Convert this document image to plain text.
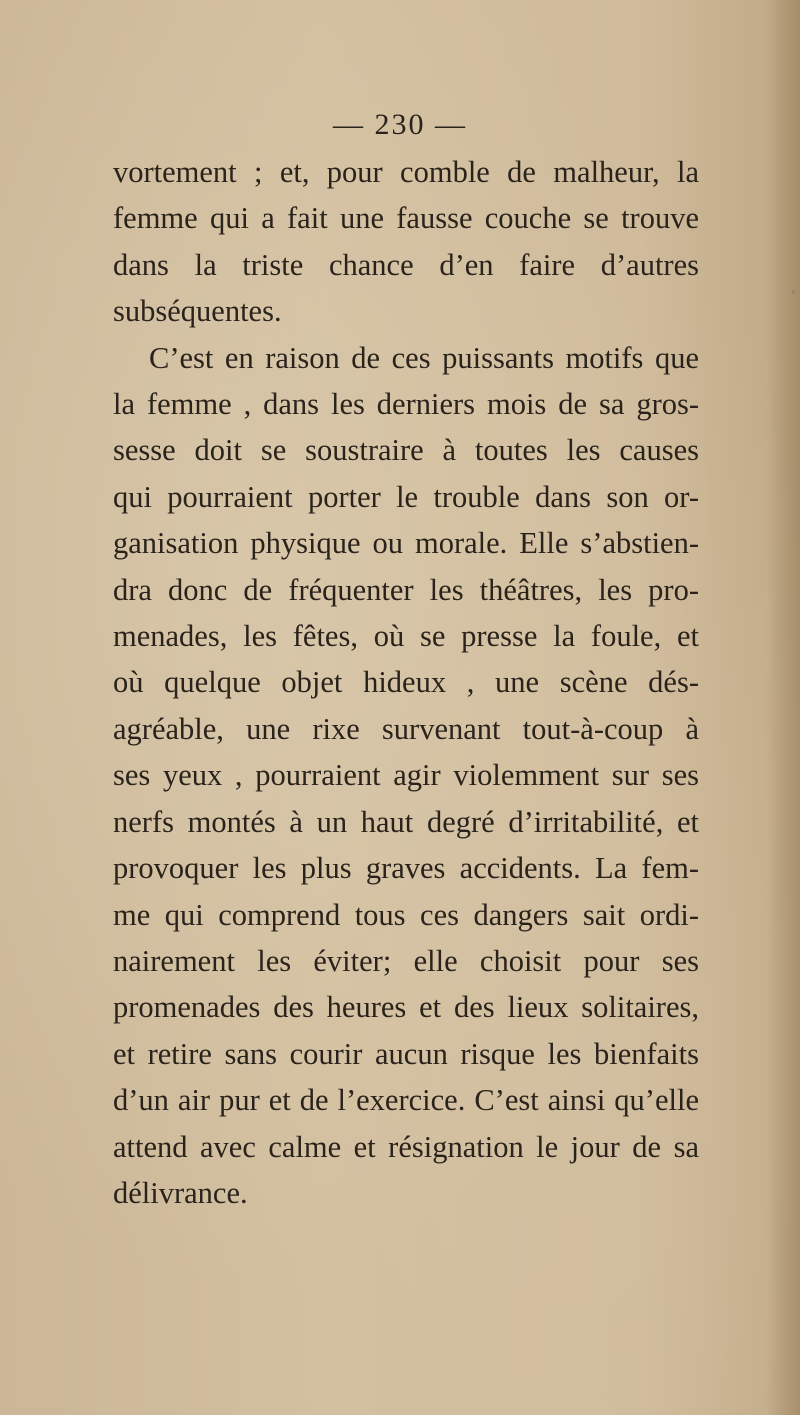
— 230 —
vortement ; et, pour comble de malheur, la
femme qui a fait une fausse couche se trouve
dans la triste chance d’en faire d’autres
subséquentes.
C’est en raison de ces puissants motifs que
la femme , dans les derniers mois de sa gros-
sesse doit se soustraire à toutes les causes
qui pourraient porter le trouble dans son or-
ganisation physique ou morale. Elle s’abstien-
dra donc de fréquenter les théâtres, les pro-
menades, les fêtes, où se presse la foule, et
où quelque objet hideux , une scène dés-
agréable, une rixe survenant tout-à-coup à
ses yeux , pourraient agir violemment sur ses
nerfs montés à un haut degré d’irritabilité, et
provoquer les plus graves accidents. La fem-
me qui comprend tous ces dangers sait ordi-
nairement les éviter; elle choisit pour ses
promenades des heures et des lieux solitaires,
et retire sans courir aucun risque les bienfaits
d’un air pur et de l’exercice. C’est ainsi qu’elle
attend avec calme et résignation le jour de sa
délivrance.
